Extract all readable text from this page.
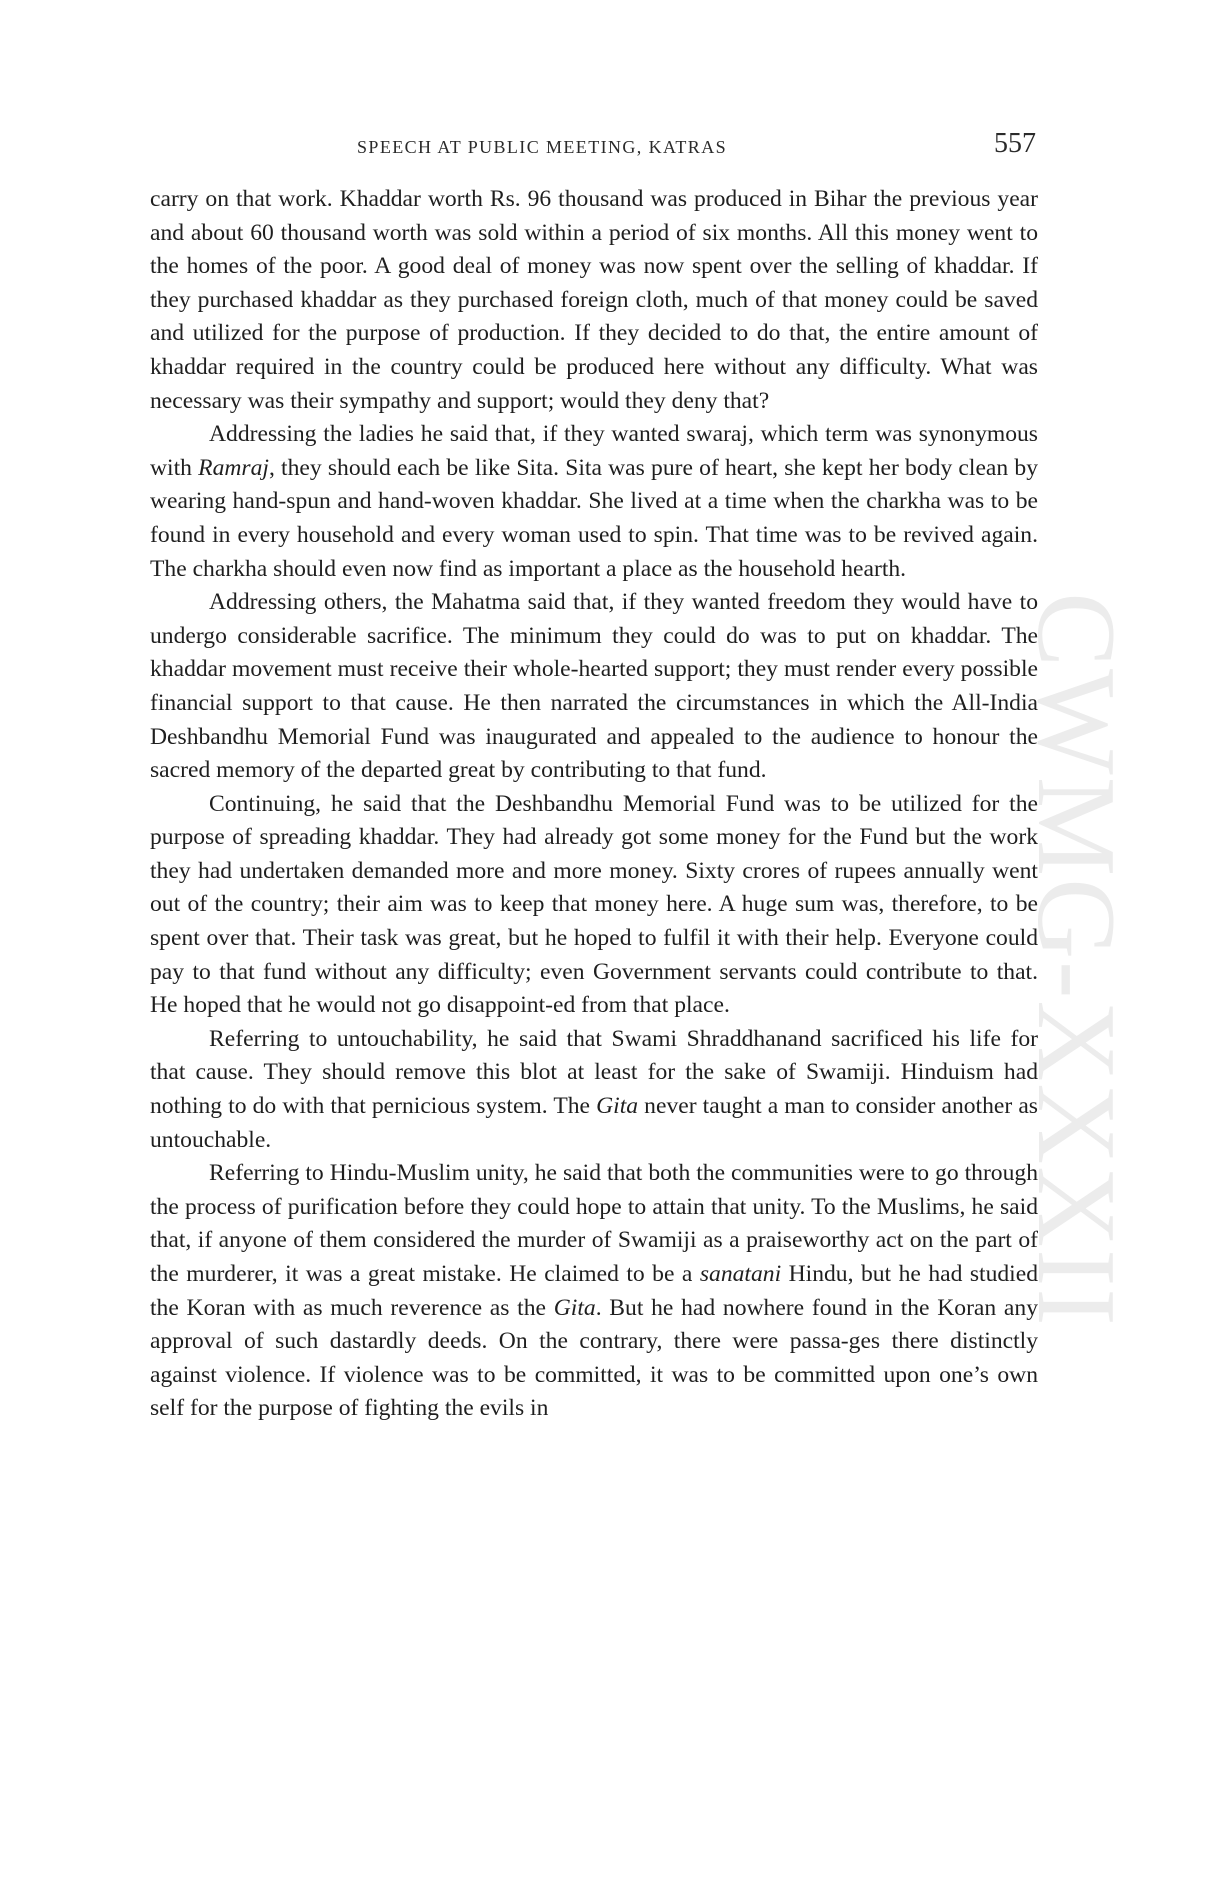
CWMG-XXXII
SPEECH AT PUBLIC MEETING, KATRAS	557

carry on that work. Khaddar worth Rs. 96 thousand was produced in Bihar the previous year and about 60 thousand worth was sold within a period of six months. All this money went to the homes of the poor. A good deal of money was now spent over the selling of khaddar. If they purchased khaddar as they purchased foreign cloth, much of that money could be saved and utilized for the purpose of production. If they decided to do that, the entire amount of khaddar required in the country could be produced here without any difficulty. What was necessary was their sympathy and support; would they deny that?

Addressing the ladies he said that, if they wanted swaraj, which term was synonymous with Ramraj, they should each be like Sita. Sita was pure of heart, she kept her body clean by wearing hand-spun and hand-woven khaddar. She lived at a time when the charkha was to be found in every household and every woman used to spin. That time was to be revived again. The charkha should even now find as important a place as the household hearth.

Addressing others, the Mahatma said that, if they wanted freedom they would have to undergo considerable sacrifice. The minimum they could do was to put on khaddar. The khaddar movement must receive their whole-hearted support; they must render every possible financial support to that cause. He then narrated the circumstances in which the All-India Deshbandhu Memorial Fund was inaugurated and appealed to the audience to honour the sacred memory of the departed great by contributing to that fund.

Continuing, he said that the Deshbandhu Memorial Fund was to be utilized for the purpose of spreading khaddar. They had already got some money for the Fund but the work they had undertaken demanded more and more money. Sixty crores of rupees annually went out of the country; their aim was to keep that money here. A huge sum was, therefore, to be spent over that. Their task was great, but he hoped to fulfil it with their help. Everyone could pay to that fund without any difficulty; even Government servants could contribute to that. He hoped that he would not go disappoint-ed from that place.

Referring to untouchability, he said that Swami Shraddhanand sacrificed his life for that cause. They should remove this blot at least for the sake of Swamiji. Hinduism had nothing to do with that pernicious system. The Gita never taught a man to consider another as untouchable.

Referring to Hindu-Muslim unity, he said that both the communities were to go through the process of purification before they could hope to attain that unity. To the Muslims, he said that, if anyone of them considered the murder of Swamiji as a praiseworthy act on the part of the murderer, it was a great mistake. He claimed to be a sanatani Hindu, but he had studied the Koran with as much reverence as the Gita. But he had nowhere found in the Koran any approval of such dastardly deeds. On the contrary, there were passa-ges there distinctly against violence. If violence was to be committed, it was to be committed upon one’s own self for the purpose of fighting the evils in
